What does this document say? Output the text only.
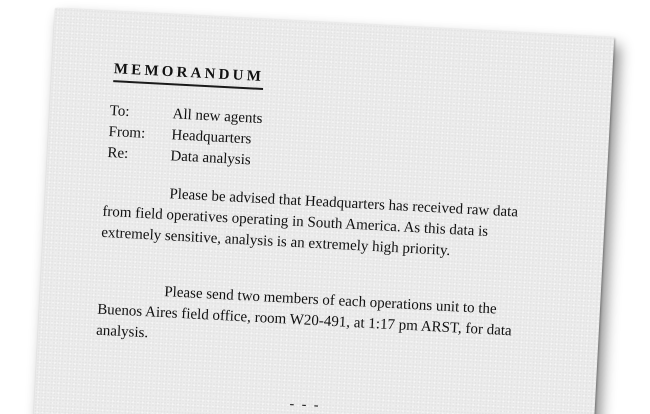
MEMORANDUM
To:	All new agents
From: Headquarters
Re:	Data analysis
Please be advised that Headquarters has received raw data from field operatives operating in South America. As this data is extremely sensitive, analysis is an extremely high priority.
Please send two members of each operations unit to the Buenos Aires field office, room W20-491, at 1:17 pm ARST, for data analysis.
- - -
